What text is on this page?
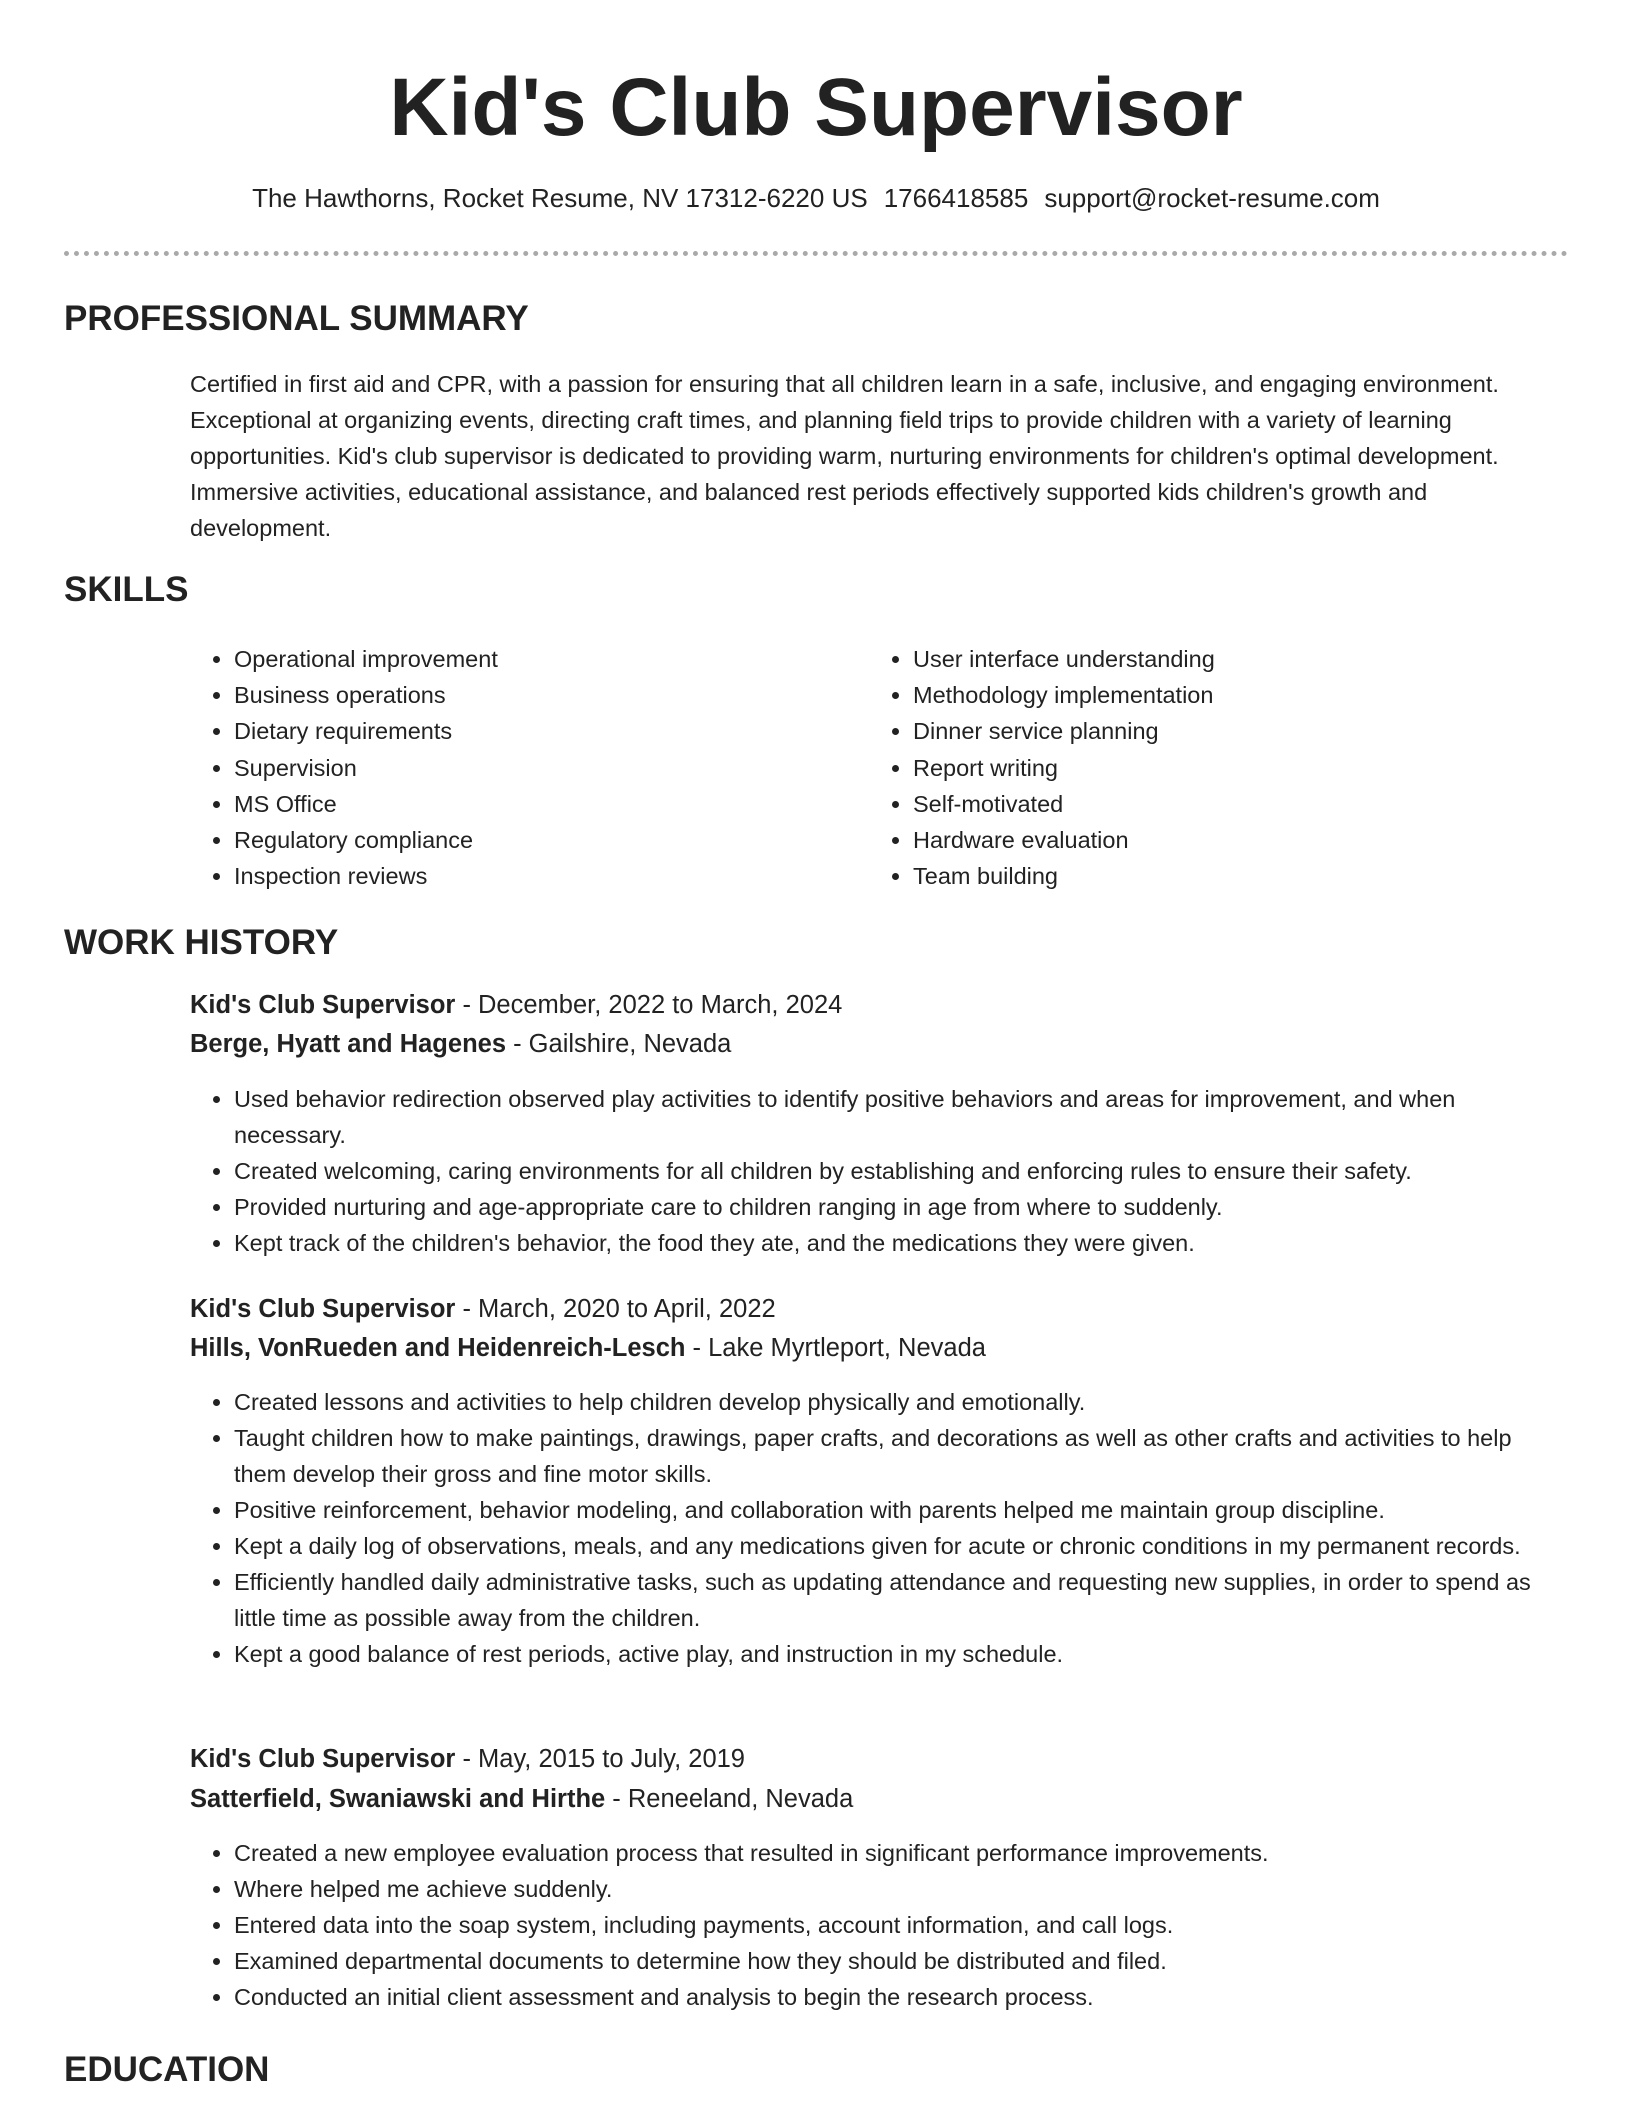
Kid's Club Supervisor
The Hawthorns, Rocket Resume, NV 17312-6220 US 1766418585 support@rocket-resume.com
PROFESSIONAL SUMMARY

Certified in first aid and CPR, with a passion for ensuring that all children learn in a safe, inclusive, and engaging environment. Exceptional at organizing events, directing craft times, and planning field trips to provide children with a variety of learning opportunities. Kid's club supervisor is dedicated to providing warm, nurturing environments for children's optimal development. Immersive activities, educational assistance, and balanced rest periods effectively supported kids children's growth and development.

SKILLS
• Operational improvement
• Business operations
• Dietary requirements
• Supervision
• MS Office
• Regulatory compliance
• Inspection reviews
• User interface understanding
• Methodology implementation
• Dinner service planning
• Report writing
• Self-motivated
• Hardware evaluation
• Team building
WORK HISTORY
Kid's Club Supervisor - December, 2022 to March, 2024
Berge, Hyatt and Hagenes - Gailshire, Nevada
• Used behavior redirection observed play activities to identify positive behaviors and areas for improvement, and when necessary.
• Created welcoming, caring environments for all children by establishing and enforcing rules to ensure their safety.
• Provided nurturing and age-appropriate care to children ranging in age from where to suddenly.
• Kept track of the children's behavior, the food they ate, and the medications they were given.
Kid's Club Supervisor - March, 2020 to April, 2022
Hills, VonRueden and Heidenreich-Lesch - Lake Myrtleport, Nevada
• Created lessons and activities to help children develop physically and emotionally.
• Taught children how to make paintings, drawings, paper crafts, and decorations as well as other crafts and activities to help them develop their gross and fine motor skills.
• Positive reinforcement, behavior modeling, and collaboration with parents helped me maintain group discipline.
• Kept a daily log of observations, meals, and any medications given for acute or chronic conditions in my permanent records.
• Efficiently handled daily administrative tasks, such as updating attendance and requesting new supplies, in order to spend as little time as possible away from the children.
• Kept a good balance of rest periods, active play, and instruction in my schedule.
Kid's Club Supervisor - May, 2015 to July, 2019
Satterfield, Swaniawski and Hirthe - Reneeland, Nevada
• Created a new employee evaluation process that resulted in significant performance improvements.
• Where helped me achieve suddenly.
• Entered data into the soap system, including payments, account information, and call logs.
• Examined departmental documents to determine how they should be distributed and filed.
• Conducted an initial client assessment and analysis to begin the research process.
EDUCATION
